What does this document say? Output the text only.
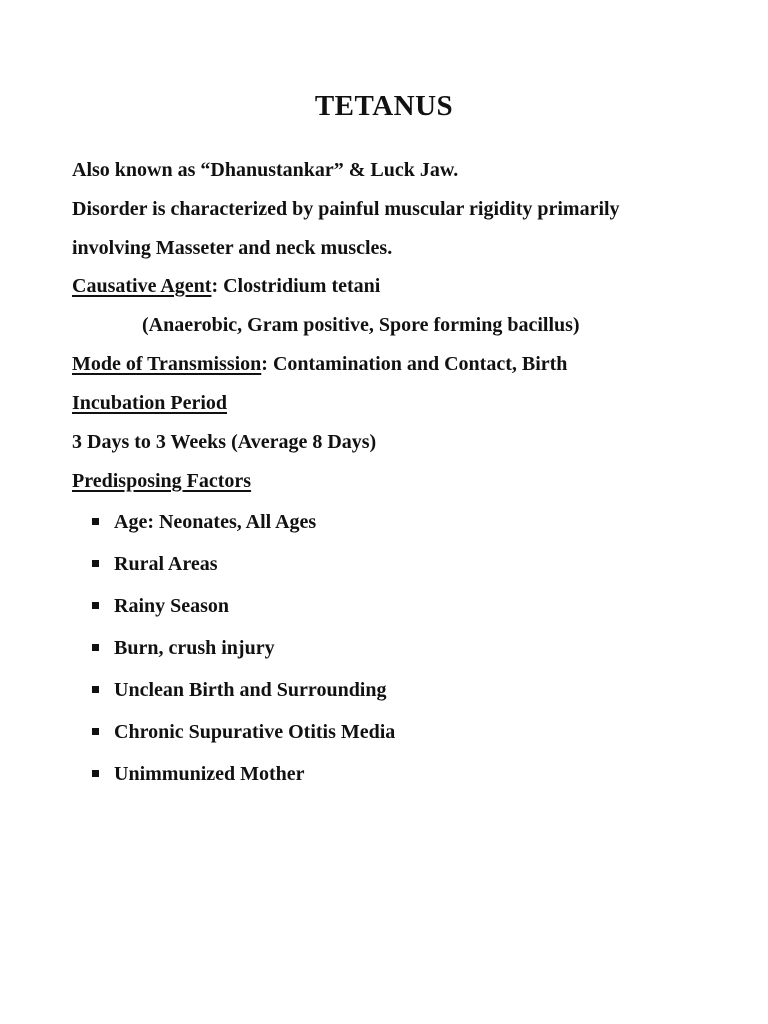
TETANUS
Also known as “Dhanustankar” & Luck Jaw.
Disorder is characterized by painful muscular rigidity primarily
involving Masseter and neck muscles.
Causative Agent: Clostridium tetani
(Anaerobic, Gram positive, Spore forming bacillus)
Mode of Transmission: Contamination and Contact, Birth
Incubation Period
3 Days to 3 Weeks (Average 8 Days)
Predisposing Factors
Age: Neonates, All Ages
Rural Areas
Rainy Season
Burn, crush injury
Unclean Birth and Surrounding
Chronic Supurative Otitis Media
Unimmunized Mother
